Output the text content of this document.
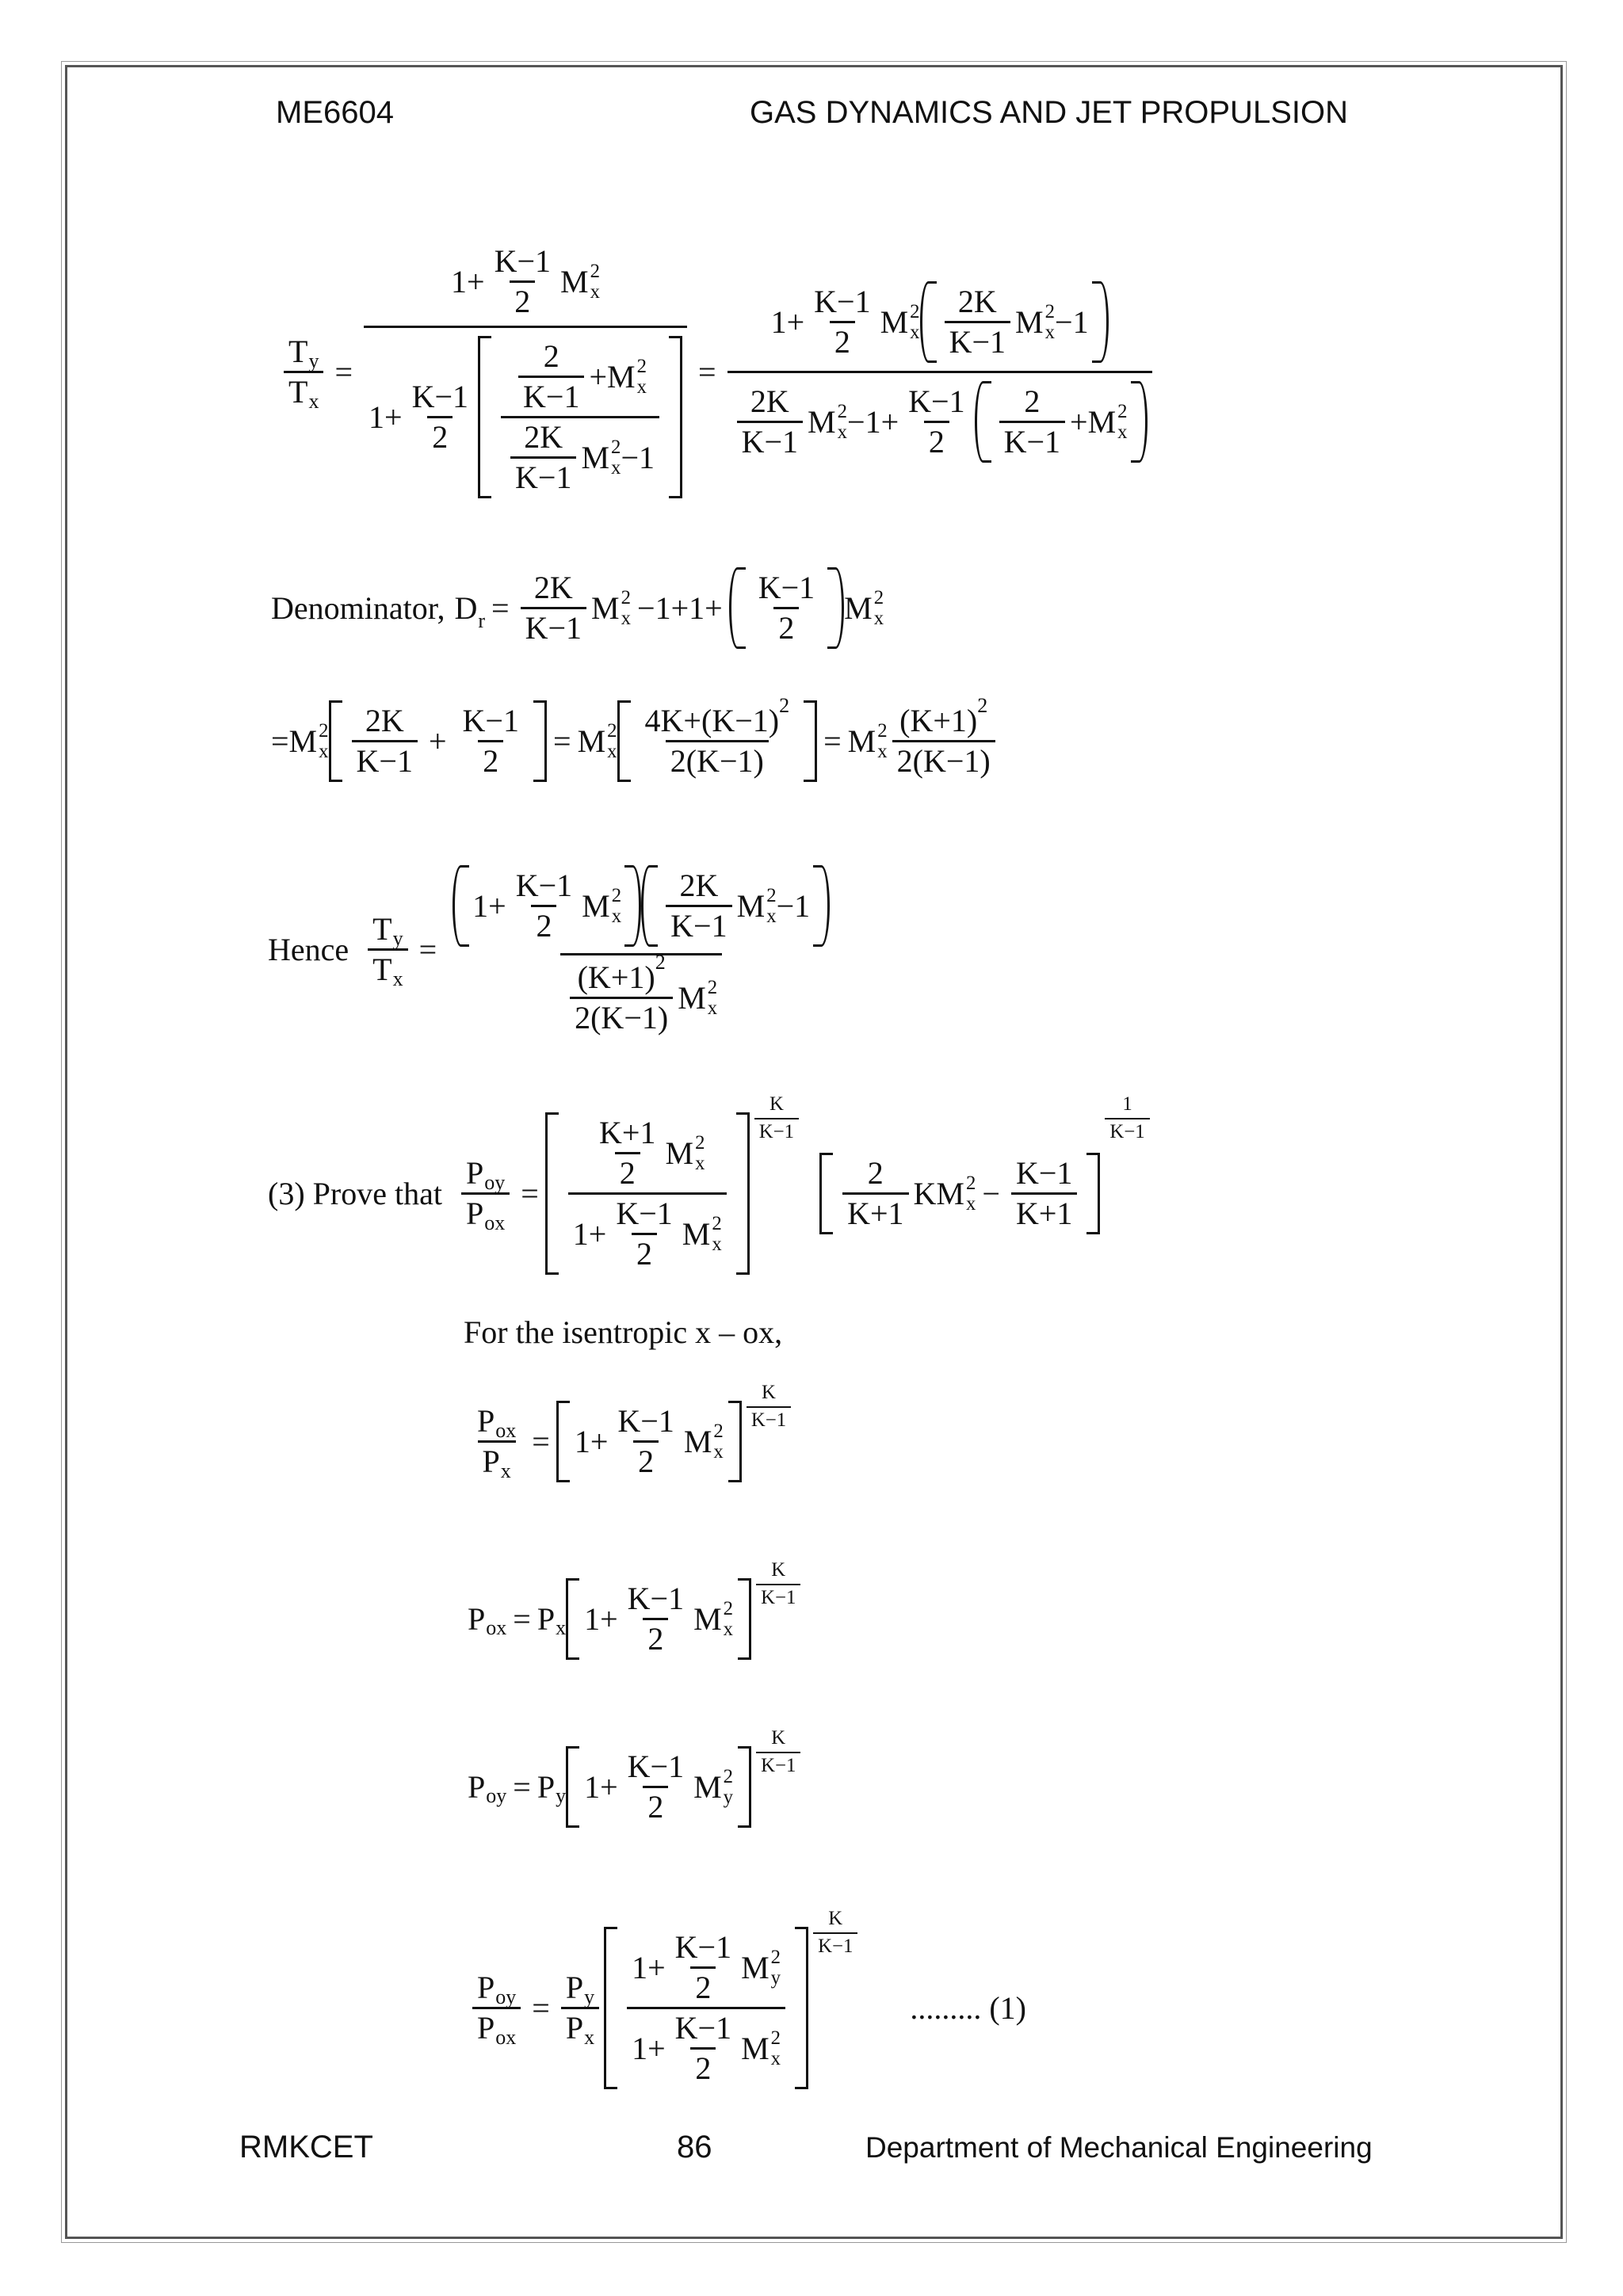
ME6604	GAS DYNAMICS AND JET PROPULSION
$\frac{\text{T y}}{\text{T x}}$ =
$1+ \frac{K-1}{2}$ M 2
x
$1+ \frac{K-1}{2} \frac{2}{K-1} +M$ 2
x
$\frac{2K}{K-1}$ M 2
$x -1 = 1+ \frac{K-1}{2}$ M 2
x $\frac{2K}{K-1}$ M 2
x −1
$\frac{2K}{K-1}$ M 2
$x -1+ \frac{K-1}{2} \frac{2}{K-1} +M$ 2
x
Denominator, $D_r = \frac{2K}{K-1}$ M 2
$x -1+1+ \frac{K-1}{2}$ M 2
x
=M 2
x $\frac{2K}{K-1} + \frac{K-1}{2} = M$ 2
x $\frac{4K+(K-1) 2}{2(K-1)} = M$ 2
x $\frac{(K+1) 2}{2(K-1)}$
Hence $\frac{\text{T y}}{\text{T x}} = 1+ \frac{K-1}{2}$ M 2
x $\frac{2K}{K-1}$ M 2
x −1
$\frac{(K+1) 2}{2(K-1)}$ M 2
x
(3) Prove that $\frac{\text{P oy}}{\text{P ox}} = \frac{K+1}{2}$ M 2
x
$1+ \frac{K-1}{2}$ M 2
x $\frac{K}{K-1}$
$\frac{2}{K+1}$ KM 2
$x - \frac{K-1}{K+1}$
$\frac{1}{K-1}$
For the isentropic x – ox,
$\frac{\text{P ox}}{\text{P x}} = 1+ \frac{K-1}{2}$ M 2
x
$\frac{K}{K-1}$
P ox = P x $1+ \frac{K-1}{2}$ M 2
x
$\frac{K}{K-1}$
P oy = P y $1+ \frac{K-1}{2}$ M 2
y
$\frac{K}{K-1}$
$\frac{\text{P oy}}{\text{P ox}} = \frac{\text{P y}}{\text{P x}} 1+ \frac{K-1}{2}$ M 2
y
$1+ \frac{K-1}{2}$ M 2
x $\frac{K}{K-1}$
......... (1)
RMKCET	86	Department of Mechanical Engineering
